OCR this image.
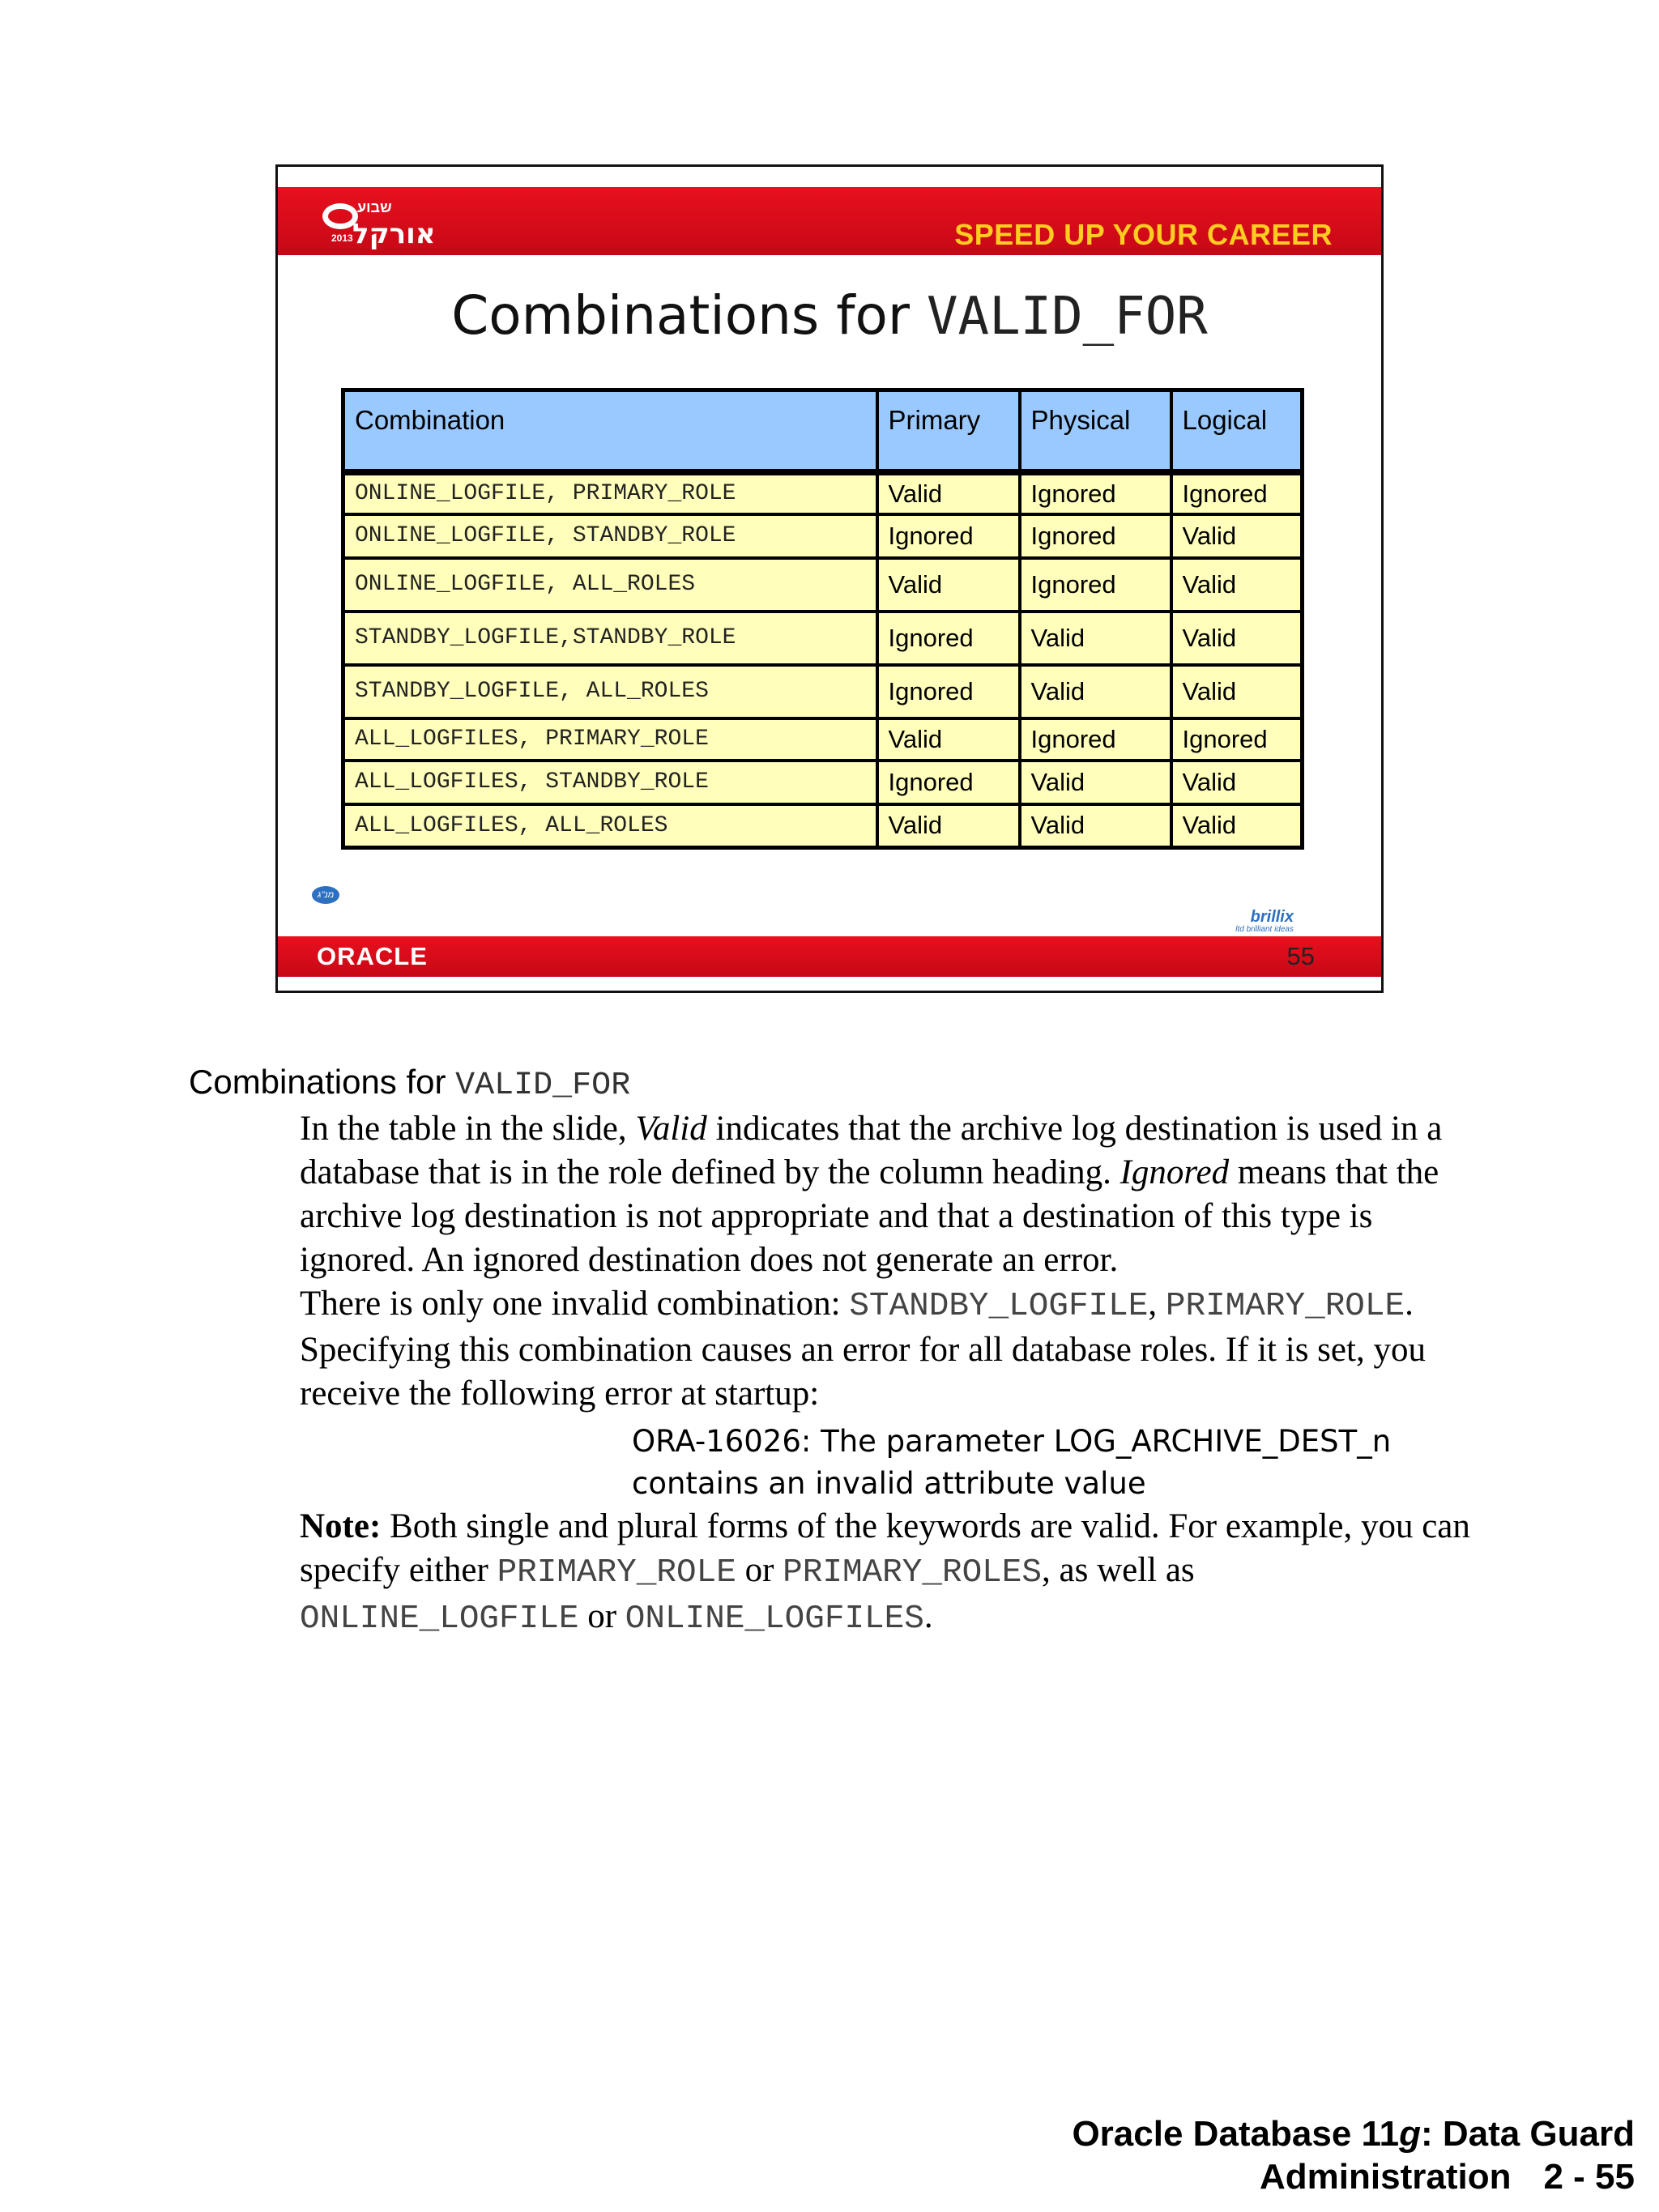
2013
שבוע
אורקל	SPEED UP YOUR CAREER
Combinations for VALID_FOR
Combination	Primary	Physical	Logical
ONLINE_LOGFILE, PRIMARY_ROLE	Valid	Ignored	Ignored
ONLINE_LOGFILE, STANDBY_ROLE	Ignored	Ignored	Valid
ONLINE_LOGFILE, ALL_ROLES	Valid	Ignored	Valid
STANDBY_LOGFILE,STANDBY_ROLE	Ignored	Valid	Valid
STANDBY_LOGFILE, ALL_ROLES	Ignored	Valid	Valid
ALL_LOGFILES, PRIMARY_ROLE	Valid	Ignored	Ignored
ALL_LOGFILES, STANDBY_ROLE	Ignored	Valid	Valid
ALL_LOGFILES, ALL_ROLES	Valid	Valid	Valid
מנ"ג
brillix
ltd brilliant ideas
ORACLE	55
Combinations for VALID_FOR

In the table in the slide, Valid indicates that the archive log destination is used in a database that is in the role defined by the column heading. Ignored means that the archive log destination is not appropriate and that a destination of this type is ignored. An ignored destination does not generate an error.

There is only one invalid combination: STANDBY_LOGFILE, PRIMARY_ROLE. Specifying this combination causes an error for all database roles. If it is set, you receive the following error at startup:

ORA-16026: The parameter LOG_ARCHIVE_DEST_n
contains an invalid attribute value

Note: Both single and plural forms of the keywords are valid. For example, you can specify either PRIMARY_ROLE or PRIMARY_ROLES, as well as ONLINE_LOGFILE or ONLINE_LOGFILES.

Oracle Database 11g: Data Guard
Administration 2 - 55
